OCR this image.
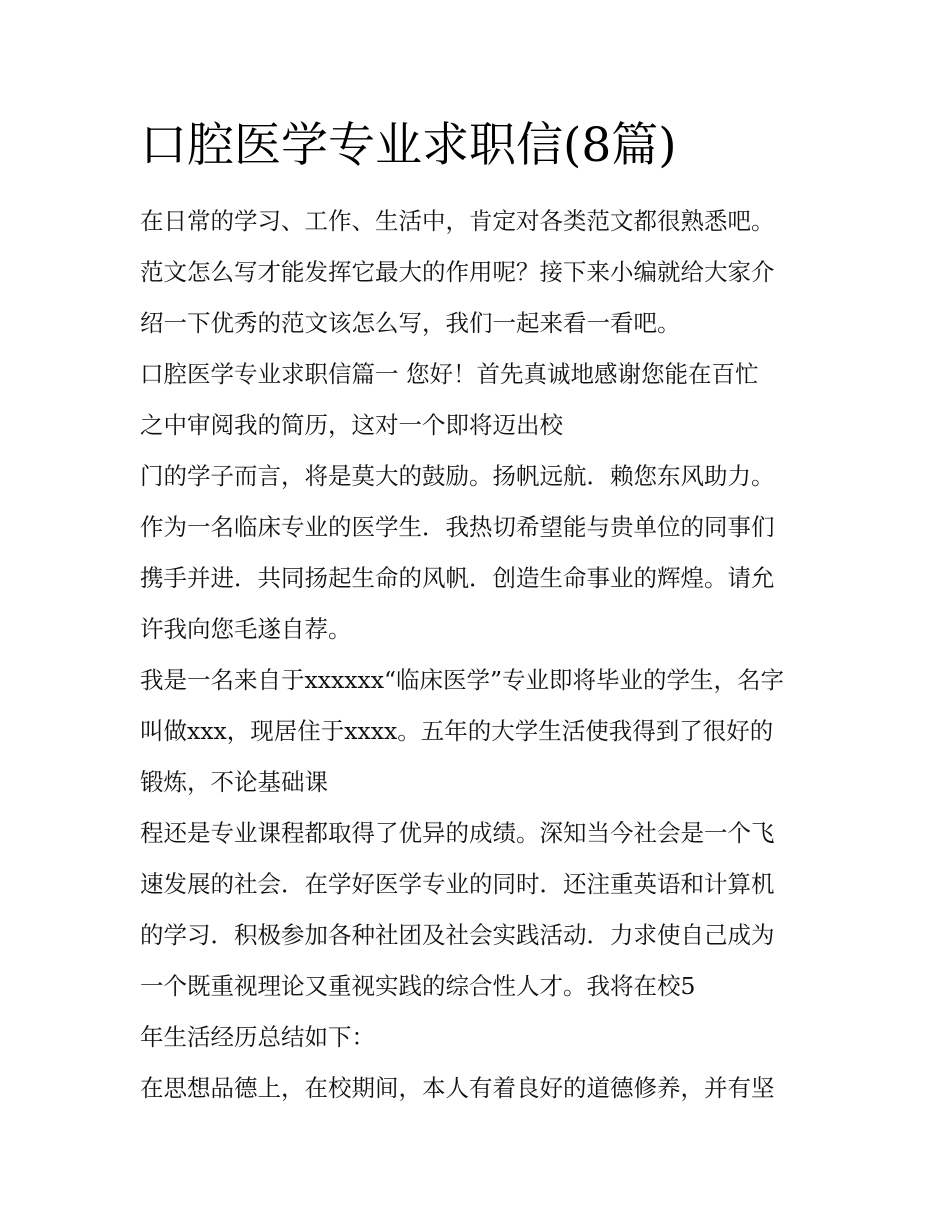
口腔医学专业求职信(8篇)
在日常的学习、工作、生活中，肯定对各类范文都很熟悉吧。
范文怎么写才能发挥它最大的作用呢？接下来小编就给大家介
绍一下优秀的范文该怎么写，我们一起来看一看吧。
口腔医学专业求职信篇一 您好！首先真诚地感谢您能在百忙
之中审阅我的简历，这对一个即将迈出校
门的学子而言，将是莫大的鼓励。扬帆远航．赖您东风助力。
作为一名临床专业的医学生．我热切希望能与贵单位的同事们
携手并进．共同扬起生命的风帆．创造生命事业的辉煌。请允
许我向您毛遂自荐。
我是一名来自于xxxxxx“临床医学”专业即将毕业的学生，名字
叫做xxx，现居住于xxxx。五年的大学生活使我得到了很好的
锻炼，不论基础课
程还是专业课程都取得了优异的成绩。深知当今社会是一个飞
速发展的社会．在学好医学专业的同时．还注重英语和计算机
的学习．积极参加各种社团及社会实践活动．力求使自己成为
一个既重视理论又重视实践的综合性人才。我将在校5
年生活经历总结如下：
在思想品德上，在校期间，本人有着良好的道德修养，并有坚
